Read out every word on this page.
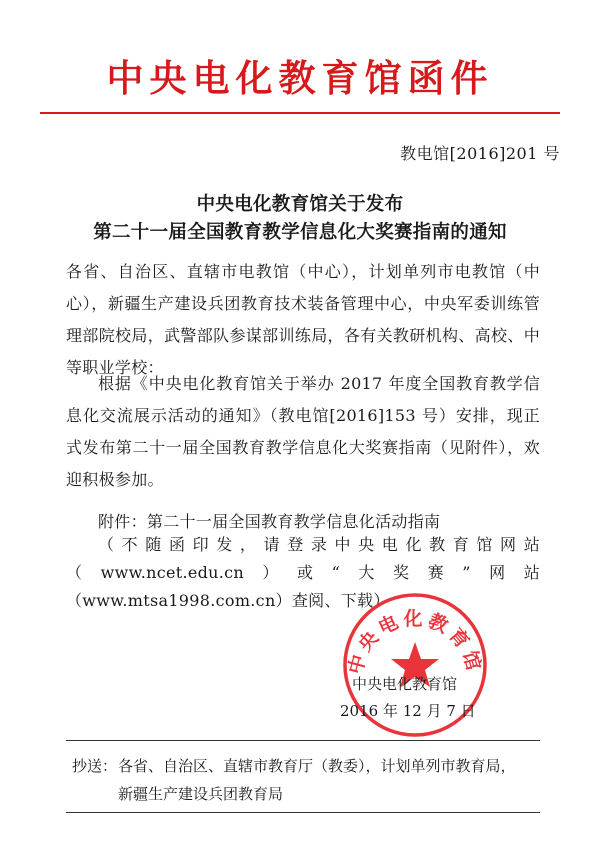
中央电化教育馆函件
教电馆[2016]201 号
中央电化教育馆关于发布
第二十一届全国教育教学信息化大奖赛指南的通知
各省、自治区、直辖市电教馆（中心），计划单列市电教馆（中心），新疆生产建设兵团教育技术装备管理中心，中央军委训练管理部院校局，武警部队参谋部训练局，各有关教研机构、高校、中等职业学校：
根据《中央电化教育馆关于举办 2017 年度全国教育教学信息化交流展示活动的通知》（教电馆[2016]153 号）安排，现正式发布第二十一届全国教育教学信息化大奖赛指南（见附件），欢迎积极参加。
附件：第二十一届全国教育教学信息化活动指南
（不随函印发，请登录中央电化教育馆网站（www.ncet.edu.cn）或“大奖赛”网站（www.mtsa1998.com.cn）查阅、下载）
中央电化教育馆
中央电化教育馆
2016 年 12 月 7 日
抄送： 各省、自治区、直辖市教育厅（教委），计划单列市教育局，
新疆生产建设兵团教育局
